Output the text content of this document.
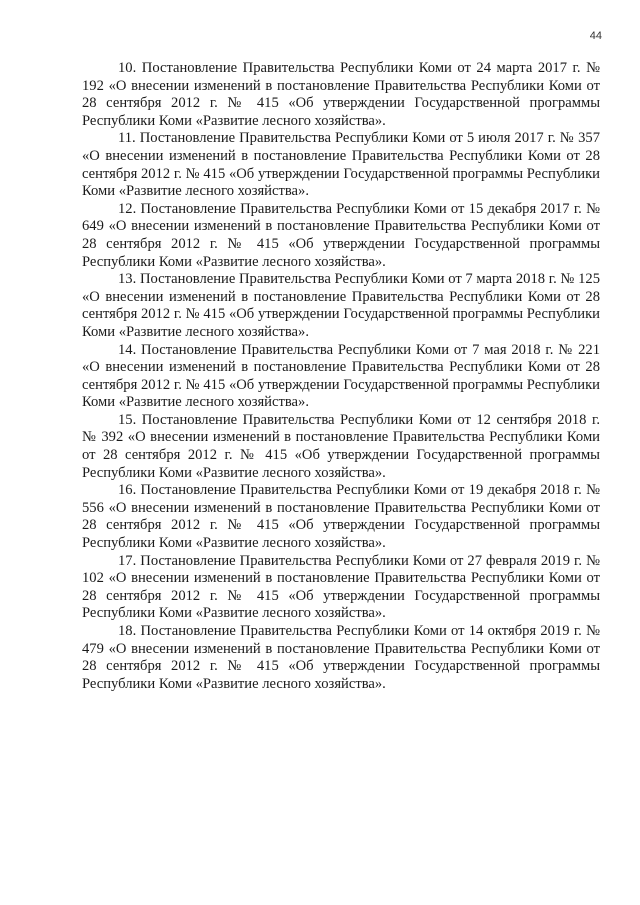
44

10. Постановление Правительства Республики Коми от 24 марта 2017 г. № 192 «О внесении изменений в постановление Правительства Республики Коми от 28 сентября 2012 г. № 415 «Об утверждении Государственной программы Республики Коми «Развитие лесного хозяйства».

11. Постановление Правительства Республики Коми от 5 июля 2017 г. № 357 «О внесении изменений в постановление Правительства Республики Коми от 28 сентября 2012 г. № 415 «Об утверждении Государственной программы Республики Коми «Развитие лесного хозяйства».

12. Постановление Правительства Республики Коми от 15 декабря 2017 г. № 649 «О внесении изменений в постановление Правительства Республики Коми от 28 сентября 2012 г. № 415 «Об утверждении Государственной программы Республики Коми «Развитие лесного хозяйства».

13. Постановление Правительства Республики Коми от 7 марта 2018 г. № 125 «О внесении изменений в постановление Правительства Республики Коми от 28 сентября 2012 г. № 415 «Об утверждении Государственной программы Республики Коми «Развитие лесного хозяйства».

14. Постановление Правительства Республики Коми от 7 мая 2018 г. № 221 «О внесении изменений в постановление Правительства Республики Коми от 28 сентября 2012 г. № 415 «Об утверждении Государственной программы Республики Коми «Развитие лесного хозяйства».

15. Постановление Правительства Республики Коми от 12 сентября 2018 г. № 392 «О внесении изменений в постановление Правительства Республики Коми от 28 сентября 2012 г. № 415 «Об утверждении Государственной программы Республики Коми «Развитие лесного хозяйства».

16. Постановление Правительства Республики Коми от 19 декабря 2018 г. № 556 «О внесении изменений в постановление Правительства Республики Коми от 28 сентября 2012 г. № 415 «Об утверждении Государственной программы Республики Коми «Развитие лесного хозяйства».

17. Постановление Правительства Республики Коми от 27 февраля 2019 г. № 102 «О внесении изменений в постановление Правительства Республики Коми от 28 сентября 2012 г. № 415 «Об утверждении Государственной программы Республики Коми «Развитие лесного хозяйства».

18. Постановление Правительства Республики Коми от 14 октября 2019 г. № 479 «О внесении изменений в постановление Правительства Республики Коми от 28 сентября 2012 г. № 415 «Об утверждении Государственной программы Республики Коми «Развитие лесного хозяйства».
